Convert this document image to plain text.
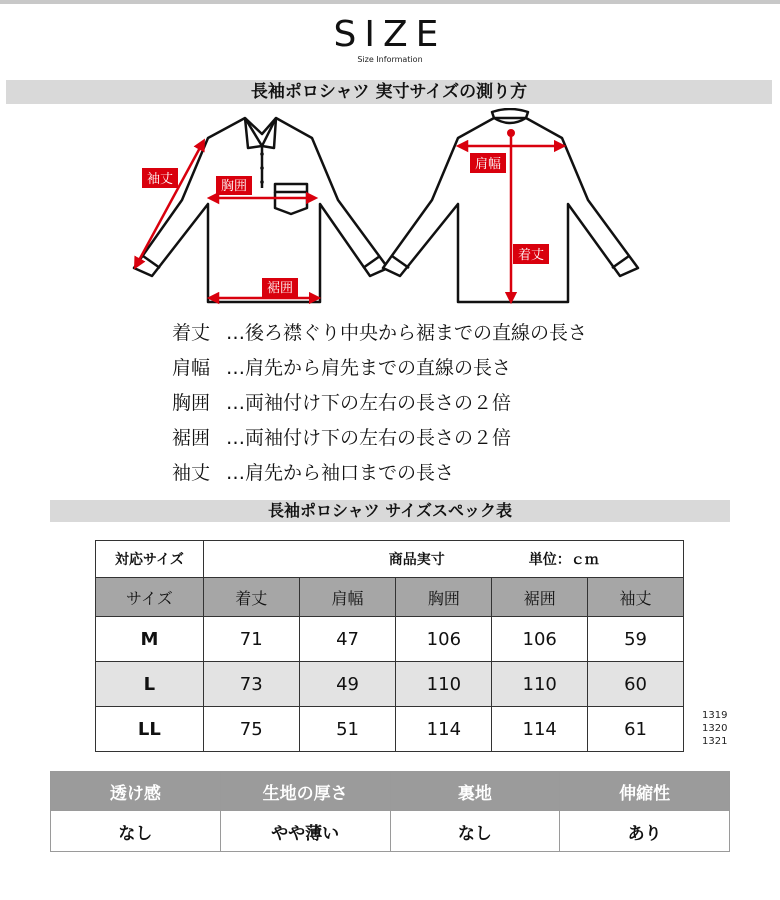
SIZE
Size Information
長袖ポロシャツ 実寸サイズの測り方
袖丈	胸囲
裾囲
肩幅
着丈
着丈 …後ろ襟ぐり中央から裾までの直線の長さ
肩幅 …肩先から肩先までの直線の長さ
胸囲 …両袖付け下の左右の長さの２倍
裾囲 …両袖付け下の左右の長さの２倍
袖丈 …肩先から袖口までの長さ
長袖ポロシャツ サイズスペック表
対応サイズ	商品実寸 単位：ｃｍ				

サイズ	着丈	肩幅	胸囲	裾囲	袖丈
M	71	47	106	106	59
L	73	49	110	110	60
LL	75	51	114	114	61
1319
1320
1321
透け感	生地の厚さ	裏地	伸縮性
なし	やや薄い	なし	あり
